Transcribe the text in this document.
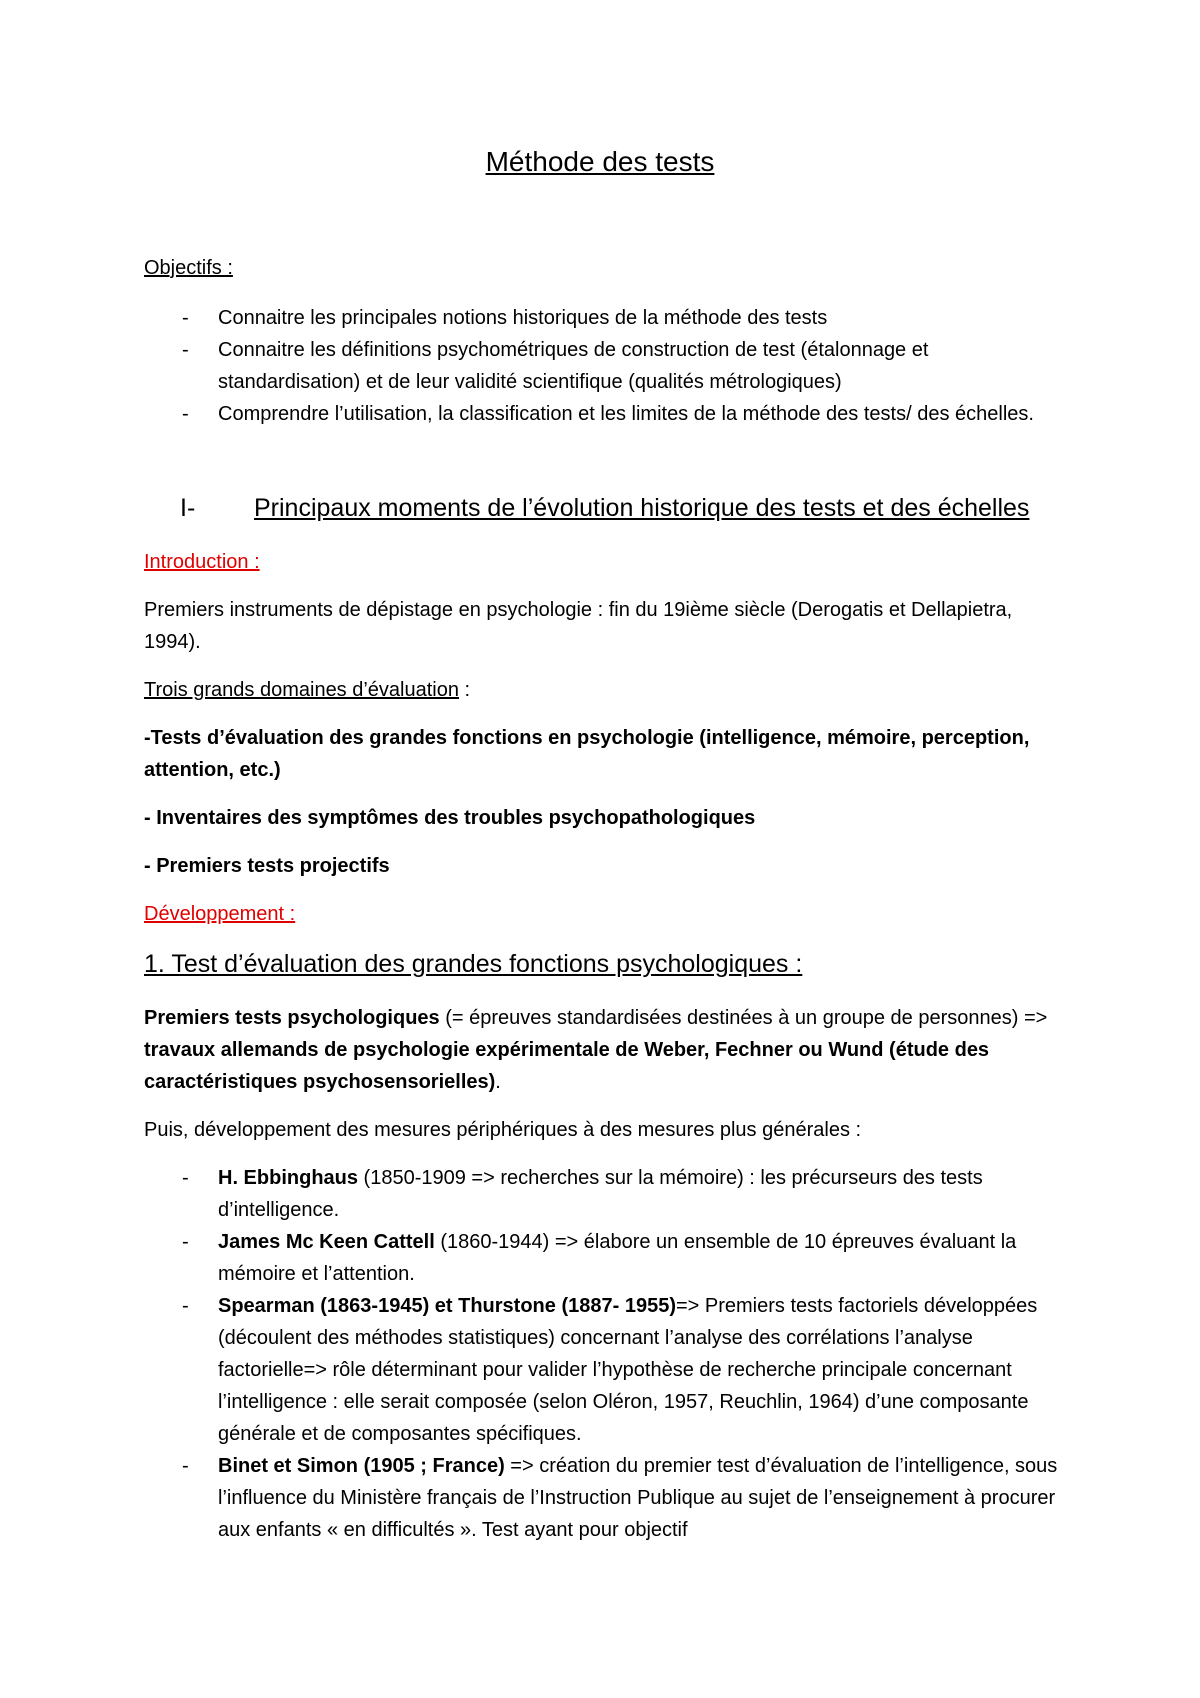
Méthode des tests
Objectifs :
- Connaitre les principales notions historiques de la méthode des tests
- Connaitre les définitions psychométriques de construction de test (étalonnage et standardisation) et de leur validité scientifique (qualités métrologiques)
- Comprendre l’utilisation, la classification et les limites de la méthode des tests/ des échelles.
I- Principaux moments de l’évolution historique des tests et des échelles
Introduction :
Premiers instruments de dépistage en psychologie : fin du 19ième siècle (Derogatis et Dellapietra, 1994).
Trois grands domaines d’évaluation :
-Tests d’évaluation des grandes fonctions en psychologie (intelligence, mémoire, perception, attention, etc.)
- Inventaires des symptômes des troubles psychopathologiques
- Premiers tests projectifs
Développement :
1. Test d’évaluation des grandes fonctions psychologiques :
Premiers tests psychologiques (= épreuves standardisées destinées à un groupe de personnes) => travaux allemands de psychologie expérimentale de Weber, Fechner ou Wund (étude des caractéristiques psychosensorielles).
Puis, développement des mesures périphériques à des mesures plus générales :
- H. Ebbinghaus (1850-1909 => recherches sur la mémoire) : les précurseurs des tests d’intelligence.
- James Mc Keen Cattell (1860-1944) => élabore un ensemble de 10 épreuves évaluant la mémoire et l’attention.
- Spearman (1863-1945) et Thurstone (1887- 1955)=> Premiers tests factoriels développées (découlent des méthodes statistiques) concernant l’analyse des corrélations l’analyse factorielle=> rôle déterminant pour valider l’hypothèse de recherche principale concernant l’intelligence : elle serait composée (selon Oléron, 1957, Reuchlin, 1964) d’une composante générale et de composantes spécifiques.
- Binet et Simon (1905 ; France) => création du premier test d’évaluation de l’intelligence, sous l’influence du Ministère français de l’Instruction Publique au sujet de l’enseignement à procurer aux enfants « en difficultés ». Test ayant pour objectif
